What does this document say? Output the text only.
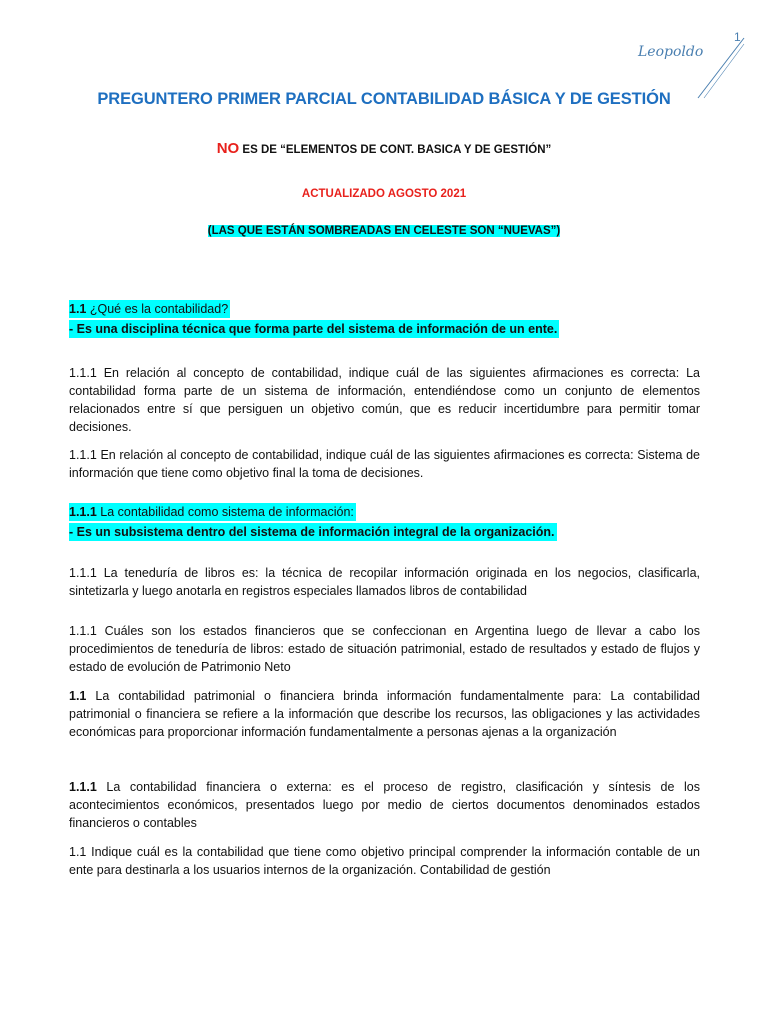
1
Leopoldo
PREGUNTERO PRIMER PARCIAL CONTABILIDAD BÁSICA Y DE GESTIÓN
NO ES DE “ELEMENTOS DE CONT. BASICA Y DE GESTIÓN”
ACTUALIZADO AGOSTO 2021
(LAS QUE ESTÁN SOMBREADAS EN CELESTE SON “NUEVAS”)

1.1 ¿Qué es la contabilidad?

- Es una disciplina técnica que forma parte del sistema de información de un ente.

1.1.1 En relación al concepto de contabilidad, indique cuál de las siguientes afirmaciones es correcta: La contabilidad forma parte de un sistema de información, entendiéndose como un conjunto de elementos relacionados entre sí que persiguen un objetivo común, que es reducir incertidumbre para permitir tomar decisiones.

1.1.1 En relación al concepto de contabilidad, indique cuál de las siguientes afirmaciones es correcta: Sistema de información que tiene como objetivo final la toma de decisiones.

1.1.1 La contabilidad como sistema de información:

- Es un subsistema dentro del sistema de información integral de la organización.

1.1.1 La teneduría de libros es: la técnica de recopilar información originada en los negocios, clasificarla, sintetizarla y luego anotarla en registros especiales llamados libros de contabilidad

1.1.1 Cuáles son los estados financieros que se confeccionan en Argentina luego de llevar a cabo los procedimientos de teneduría de libros: estado de situación patrimonial, estado de resultados y estado de flujos y estado de evolución de Patrimonio Neto

1.1 La contabilidad patrimonial o financiera brinda información fundamentalmente para: La contabilidad patrimonial o financiera se refiere a la información que describe los recursos, las obligaciones y las actividades económicas para proporcionar información fundamentalmente a personas ajenas a la organización

1.1.1 La contabilidad financiera o externa: es el proceso de registro, clasificación y síntesis de los acontecimientos económicos, presentados luego por medio de ciertos documentos denominados estados financieros o contables

1.1 Indique cuál es la contabilidad que tiene como objetivo principal comprender la información contable de un ente para destinarla a los usuarios internos de la organización. Contabilidad de gestión
